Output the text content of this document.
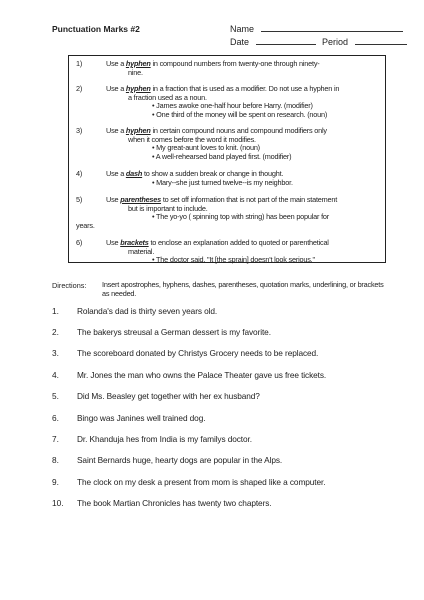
Punctuation Marks #2	Name
Date	Period
1)	Use a hyphen in compound numbers from twenty-one through ninety-
nine.
2)	Use a hyphen in a fraction that is used as a modifier. Do not use a hyphen in
a fraction used as a noun.
• James awoke one-half hour before Harry. (modifier)
• One third of the money will be spent on research. (noun)
3)	Use a hyphen in certain compound nouns and compound modifiers only
when it comes before the word it modifies.
• My great-aunt loves to knit. (noun)
• A well-rehearsed band played first. (modifier)
4)	Use a dash to show a sudden break or change in thought.
• Mary--she just turned twelve--is my neighbor.
5)	Use parentheses to set off information that is not part of the main statement
but is important to include.
• The yo-yo ( spinning top with string) has been popular for
years.
6)	Use brackets to enclose an explanation added to quoted or parenthetical
material.
• The doctor said, "It [the sprain] doesn't look serious."
Directions: Insert apostrophes, hyphens, dashes, parentheses, quotation marks, underlining, or brackets as needed.
1. Rolanda's dad is thirty seven years old.
2. The bakerys streusal a German dessert is my favorite.
3. The scoreboard donated by Christys Grocery needs to be replaced.
4. Mr. Jones the man who owns the Palace Theater gave us free tickets.
5. Did Ms. Beasley get together with her ex husband?
6. Bingo was Janines well trained dog.
7. Dr. Khanduja hes from India is my familys doctor.
8. Saint Bernards huge, hearty dogs are popular in the Alps.
9. The clock on my desk a present from mom is shaped like a computer.
10. The book Martian Chronicles has twenty two chapters.
